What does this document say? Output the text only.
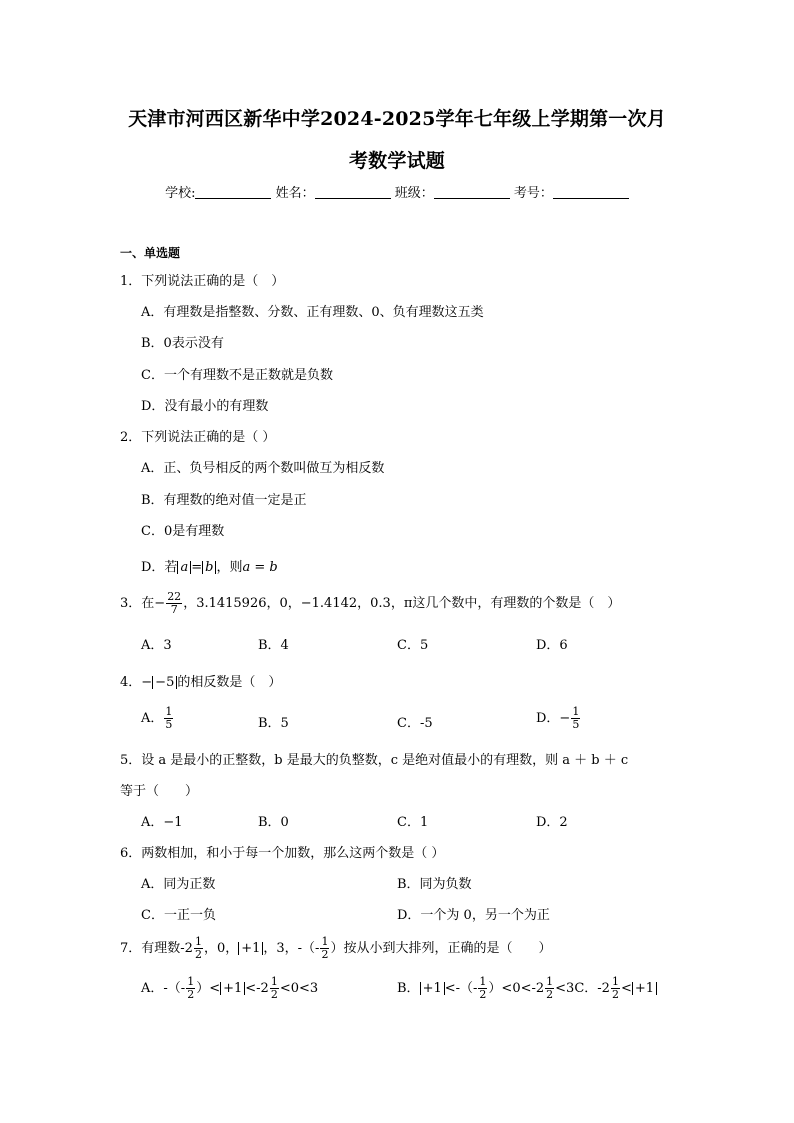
天津市河西区新华中学2024-2025学年七年级上学期第一次月
考数学试题
学校:	姓名：	班级：	考号：
一、单选题
1．下列说法正确的是（　）
A．有理数是指整数、分数、正有理数、0、负有理数这五类
B．0表示没有
C．一个有理数不是正数就是负数
D．没有最小的有理数
2．下列说法正确的是（ ）
A．正、负号相反的两个数叫做互为相反数
B．有理数的绝对值一定是正
C．0是有理数
D．若 a = b ，则a = b
3．在− $\frac{22}{7}$ ，3.1415926，0，−1.4142，0.3，π这几个数中，有理数的个数是（　）
A．3	B．4	C．5	D．6
4．− −5 的相反数是（　）
A． $\frac{1}{5}$	B．5	C．-5	D．− $\frac{1}{5}$
5．设 a 是最小的正整数，b 是最大的负整数，c 是绝对值最小的有理数，则 a ＋ b ＋ c
等于（　　）
A．−1	B．0	C．1	D．2
6．两数相加，和小于每一个加数，那么这两个数是（ ）
A．同为正数	B．同为负数
C．一正一负	D．一个为 0，另一个为正
7．有理数$-2 \frac{1}{2}$ ，0， +1 ，3，-（- $\frac{1}{2}$ ）按从小到大排列，正确的是（　　）
A．-（- $\frac{1}{2}$ ）< $+1 <-2 \frac{1}{2} <0<3$	B． +1 <-（- $\frac{1}{2} )<0<-2 \frac{1}{2} <3C$．$-2 \frac{1}{2} < +1$
